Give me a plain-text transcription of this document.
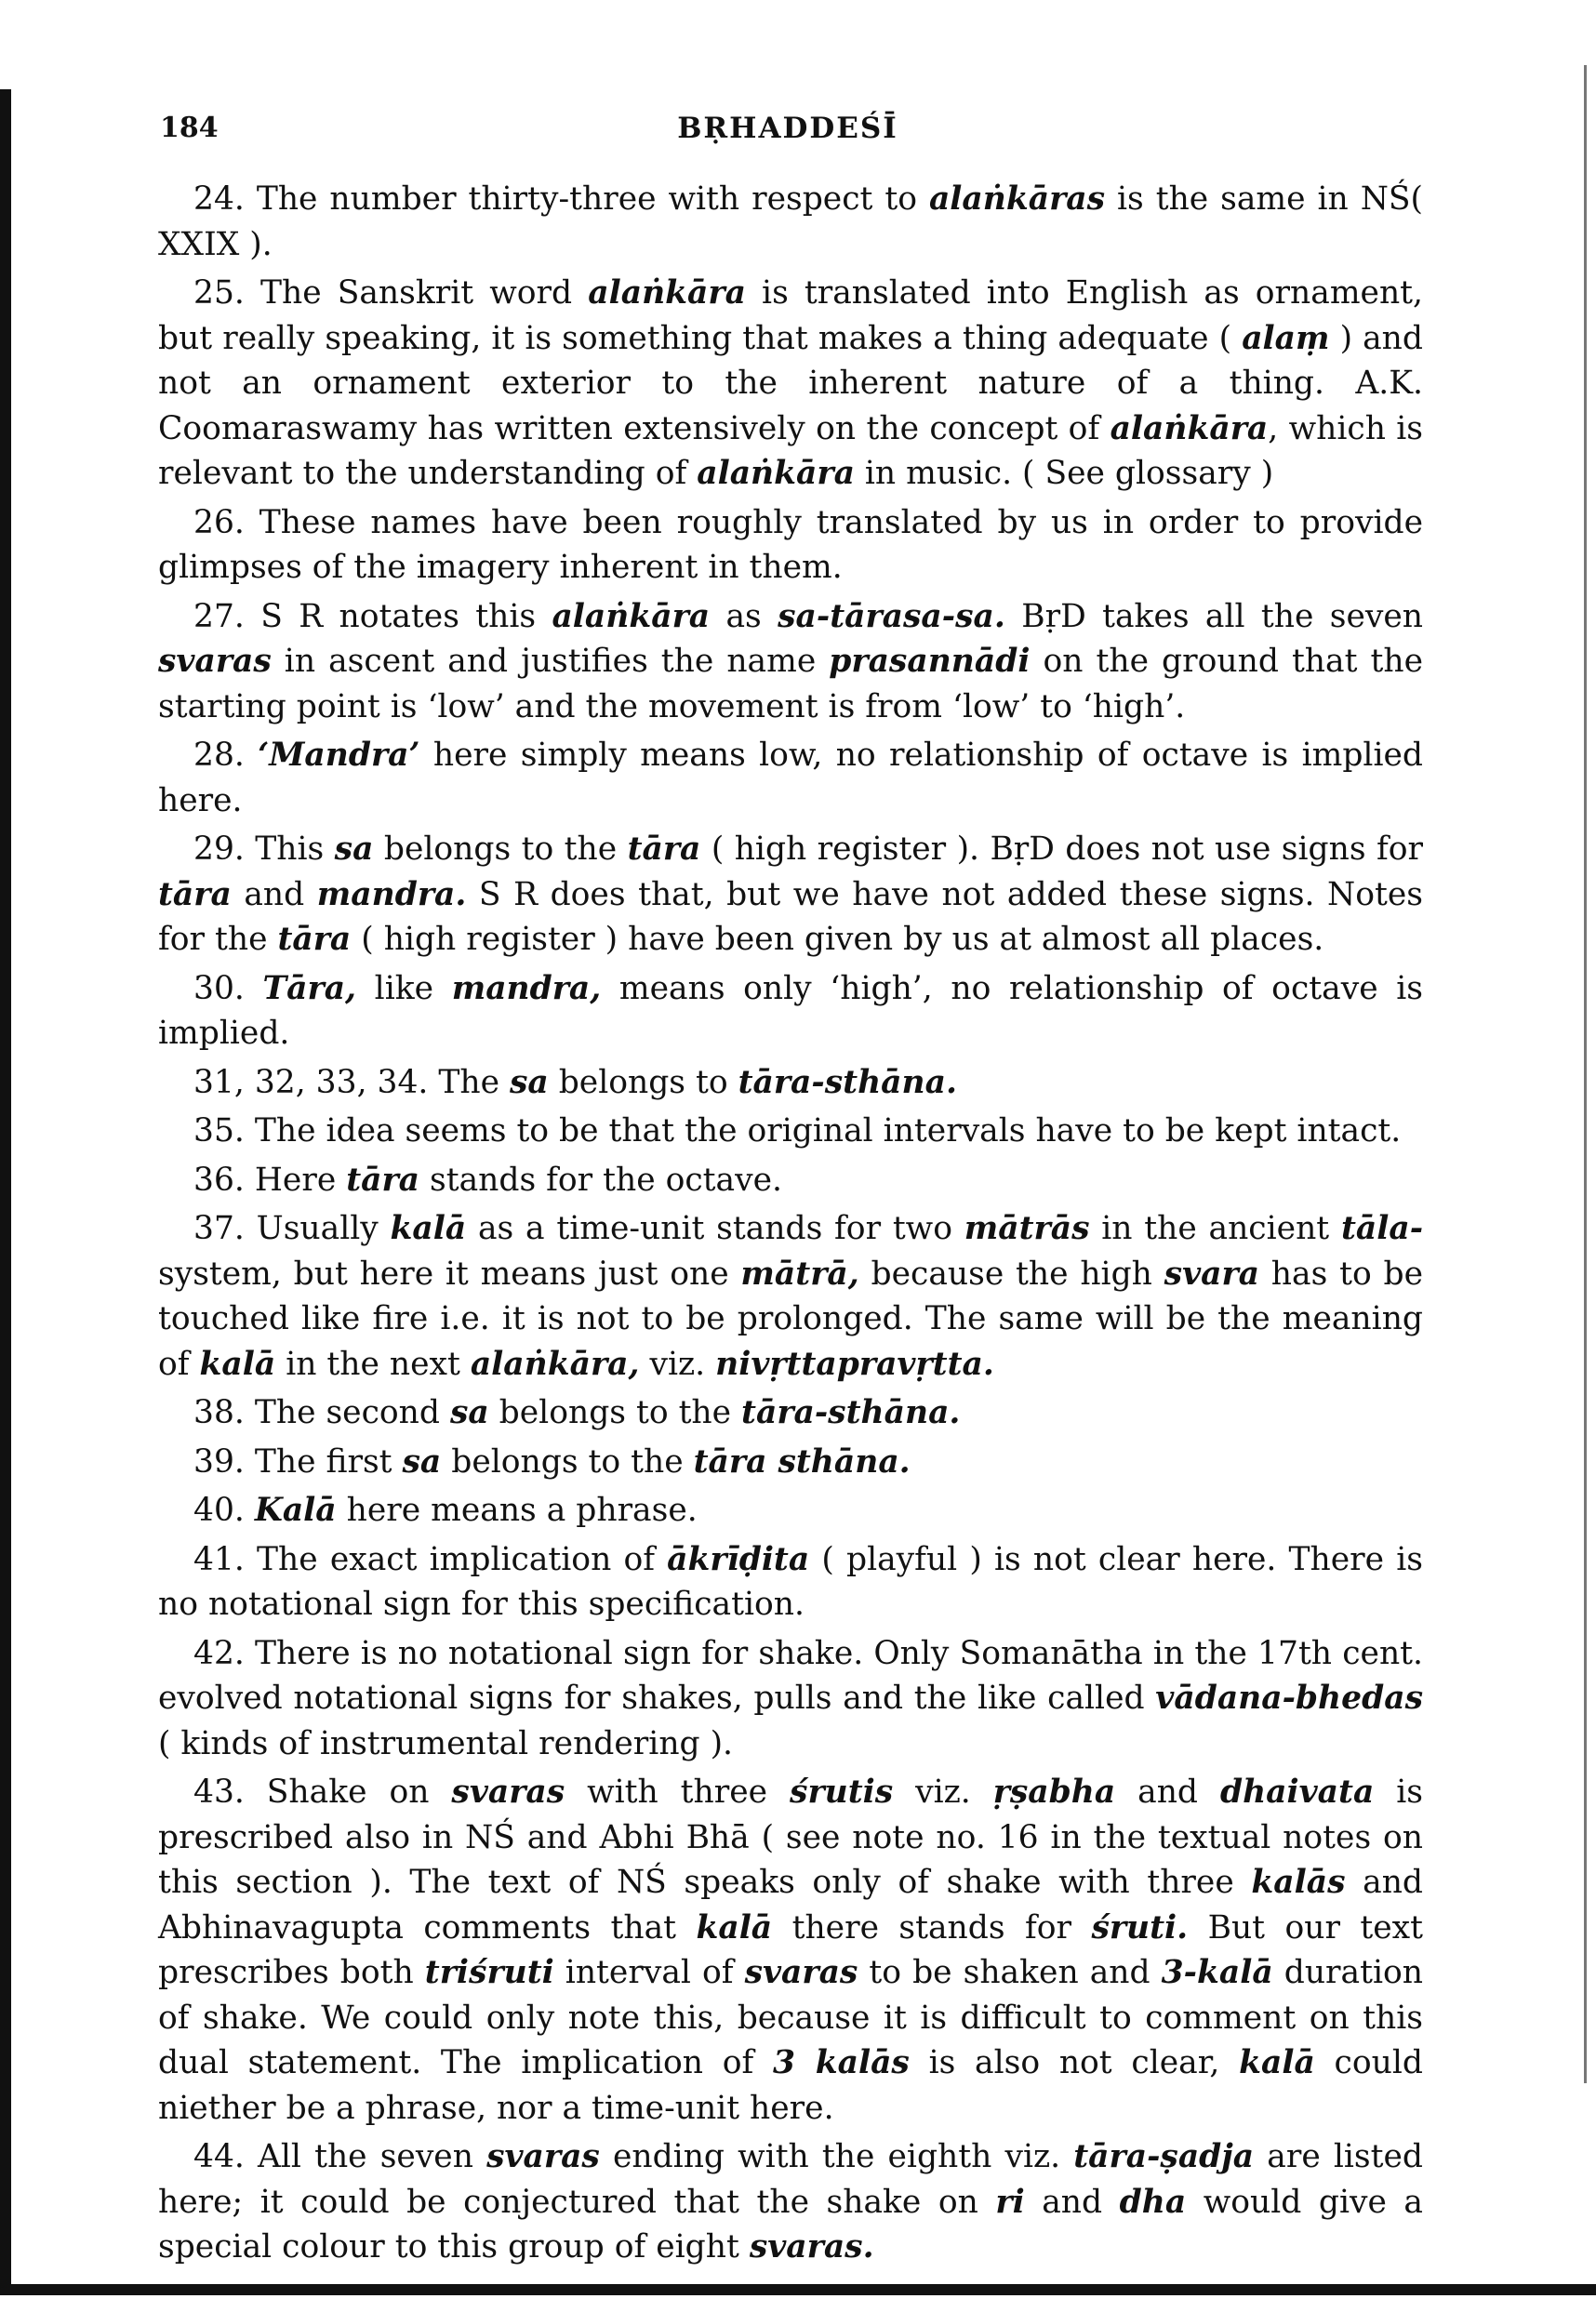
184	BṚHADDEŚĪ

24. The number thirty-three with respect to alaṅkāras is the same in NŚ( XXIX ).

25. The Sanskrit word alaṅkāra is translated into English as ornament, but really speaking, it is something that makes a thing adequate ( alaṃ ) and not an ornament exterior to the inherent nature of a thing. A.K. Coomaraswamy has written extensively on the concept of alaṅkāra, which is relevant to the understanding of alaṅkāra in music. ( See glossary )

26. These names have been roughly translated by us in order to provide glimpses of the imagery inherent in them.

27. S R notates this alaṅkāra as sa-tārasa-sa. BṛD takes all the seven svaras in ascent and justifies the name prasannādi on the ground that the starting point is ‘low’ and the movement is from ‘low’ to ‘high’.

28. ‘Mandra’ here simply means low, no relationship of octave is implied here.

29. This sa belongs to the tāra ( high register ). BṛD does not use signs for tāra and mandra. S R does that, but we have not added these signs. Notes for the tāra ( high register ) have been given by us at almost all places.

30. Tāra, like mandra, means only ‘high’, no relationship of octave is implied.

31, 32, 33, 34. The sa belongs to tāra-sthāna.

35. The idea seems to be that the original intervals have to be kept intact.

36. Here tāra stands for the octave.

37. Usually kalā as a time-unit stands for two mātrās in the ancient tāla-system, but here it means just one mātrā, because the high svara has to be touched like fire i.e. it is not to be prolonged. The same will be the meaning of kalā in the next alaṅkāra, viz. nivṛttapravṛtta.

38. The second sa belongs to the tāra-sthāna.

39. The first sa belongs to the tāra sthāna.

40. Kalā here means a phrase.

41. The exact implication of ākrīḍita ( playful ) is not clear here. There is no notational sign for this specification.

42. There is no notational sign for shake. Only Somanātha in the 17th cent. evolved notational signs for shakes, pulls and the like called vādana-bhedas ( kinds of instrumental rendering ).

43. Shake on svaras with three śrutis viz. ṛṣabha and dhaivata is prescribed also in NŚ and Abhi Bhā ( see note no. 16 in the textual notes on this section ). The text of NŚ speaks only of shake with three kalās and Abhinavagupta comments that kalā there stands for śruti. But our text prescribes both triśruti interval of svaras to be shaken and 3-kalā duration of shake. We could only note this, because it is difficult to comment on this dual statement. The implication of 3 kalās is also not clear, kalā could niether be a phrase, nor a time-unit here.

44. All the seven svaras ending with the eighth viz. tāra-ṣadja are listed here; it could be conjectured that the shake on ri and dha would give a special colour to this group of eight svaras.
